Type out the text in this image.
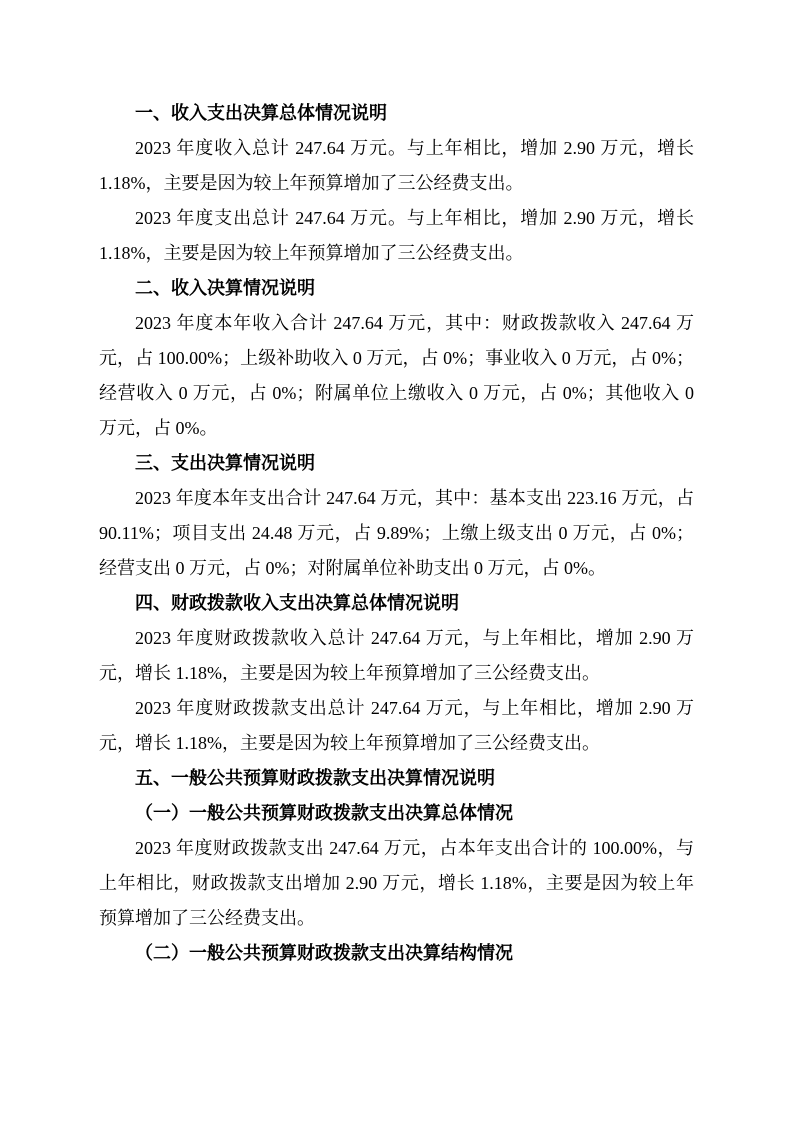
一、收入支出决算总体情况说明

2023 年度收入总计 247.64 万元。与上年相比，增加 2.90 万元，增长 1.18%，主要是因为较上年预算增加了三公经费支出。

2023 年度支出总计 247.64 万元。与上年相比，增加 2.90 万元，增长 1.18%，主要是因为较上年预算增加了三公经费支出。

二、收入决算情况说明

2023 年度本年收入合计 247.64 万元，其中：财政拨款收入 247.64 万元，占 100.00%；上级补助收入 0 万元，占 0%；事业收入 0 万元，占 0%；经营收入 0 万元，占 0%；附属单位上缴收入 0 万元，占 0%；其他收入 0 万元，占 0%。

三、支出决算情况说明

2023 年度本年支出合计 247.64 万元，其中：基本支出 223.16 万元，占 90.11%；项目支出 24.48 万元，占 9.89%；上缴上级支出 0 万元，占 0%；经营支出 0 万元，占 0%；对附属单位补助支出 0 万元，占 0%。

四、财政拨款收入支出决算总体情况说明

2023 年度财政拨款收入总计 247.64 万元，与上年相比，增加 2.90 万元，增长 1.18%，主要是因为较上年预算增加了三公经费支出。

2023 年度财政拨款支出总计 247.64 万元，与上年相比，增加 2.90 万元，增长 1.18%，主要是因为较上年预算增加了三公经费支出。

五、一般公共预算财政拨款支出决算情况说明
（一）一般公共预算财政拨款支出决算总体情况

2023 年度财政拨款支出 247.64 万元，占本年支出合计的 100.00%，与上年相比，财政拨款支出增加 2.90 万元，增长 1.18%，主要是因为较上年预算增加了三公经费支出。

（二）一般公共预算财政拨款支出决算结构情况
